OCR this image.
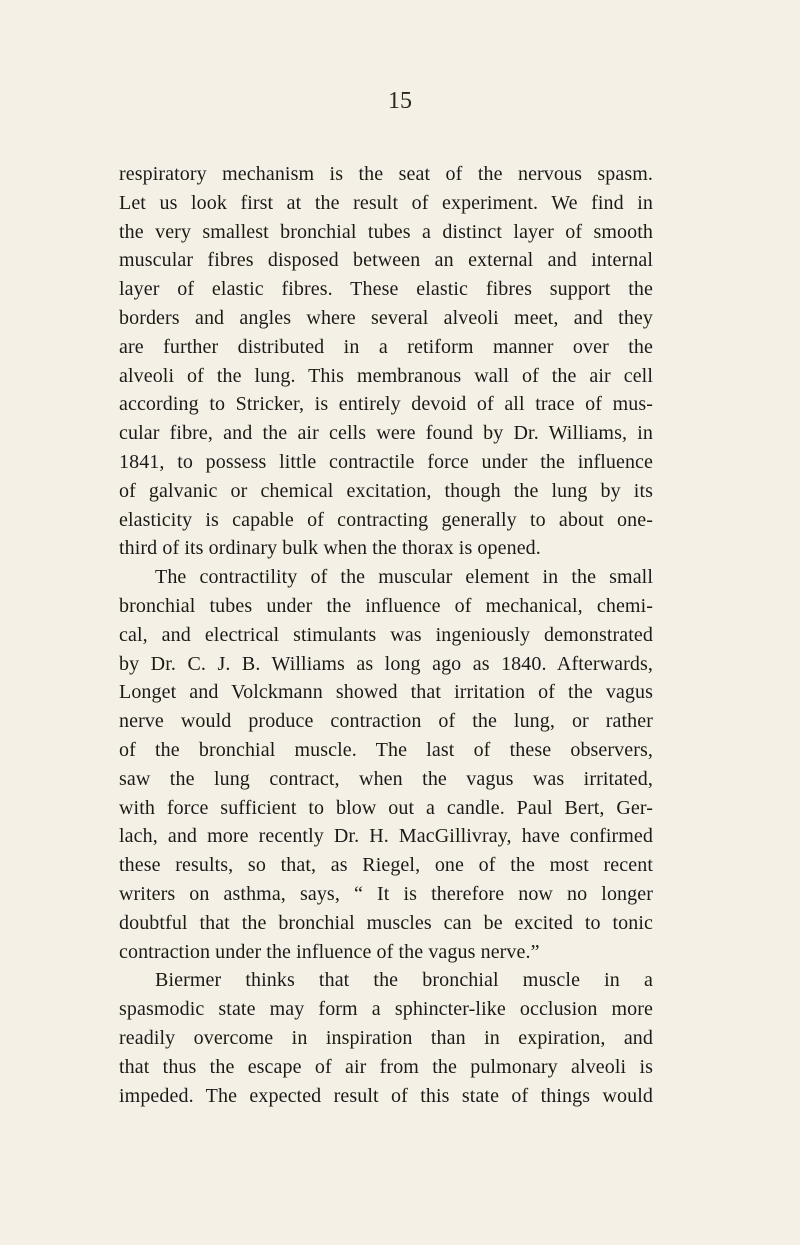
15
respiratory mechanism is the seat of the nervous spasm.
Let us look first at the result of experiment. We find in
the very smallest bronchial tubes a distinct layer of smooth
muscular fibres disposed between an external and internal
layer of elastic fibres. These elastic fibres support the
borders and angles where several alveoli meet, and they
are further distributed in a retiform manner over the
alveoli of the lung. This membranous wall of the air cell
according to Stricker, is entirely devoid of all trace of mus-
cular fibre, and the air cells were found by Dr. Williams, in
1841, to possess little contractile force under the influence
of galvanic or chemical excitation, though the lung by its
elasticity is capable of contracting generally to about one-
third of its ordinary bulk when the thorax is opened.
The contractility of the muscular element in the small
bronchial tubes under the influence of mechanical, chemi-
cal, and electrical stimulants was ingeniously demonstrated
by Dr. C. J. B. Williams as long ago as 1840. Afterwards,
Longet and Volckmann showed that irritation of the vagus
nerve would produce contraction of the lung, or rather
of the bronchial muscle. The last of these observers,
saw the lung contract, when the vagus was irritated,
with force sufficient to blow out a candle. Paul Bert, Ger-
lach, and more recently Dr. H. MacGillivray, have confirmed
these results, so that, as Riegel, one of the most recent
writers on asthma, says, “ It is therefore now no longer
doubtful that the bronchial muscles can be excited to tonic
contraction under the influence of the vagus nerve.”
Biermer thinks that the bronchial muscle in a
spasmodic state may form a sphincter-like occlusion more
readily overcome in inspiration than in expiration, and
that thus the escape of air from the pulmonary alveoli is
impeded. The expected result of this state of things would
